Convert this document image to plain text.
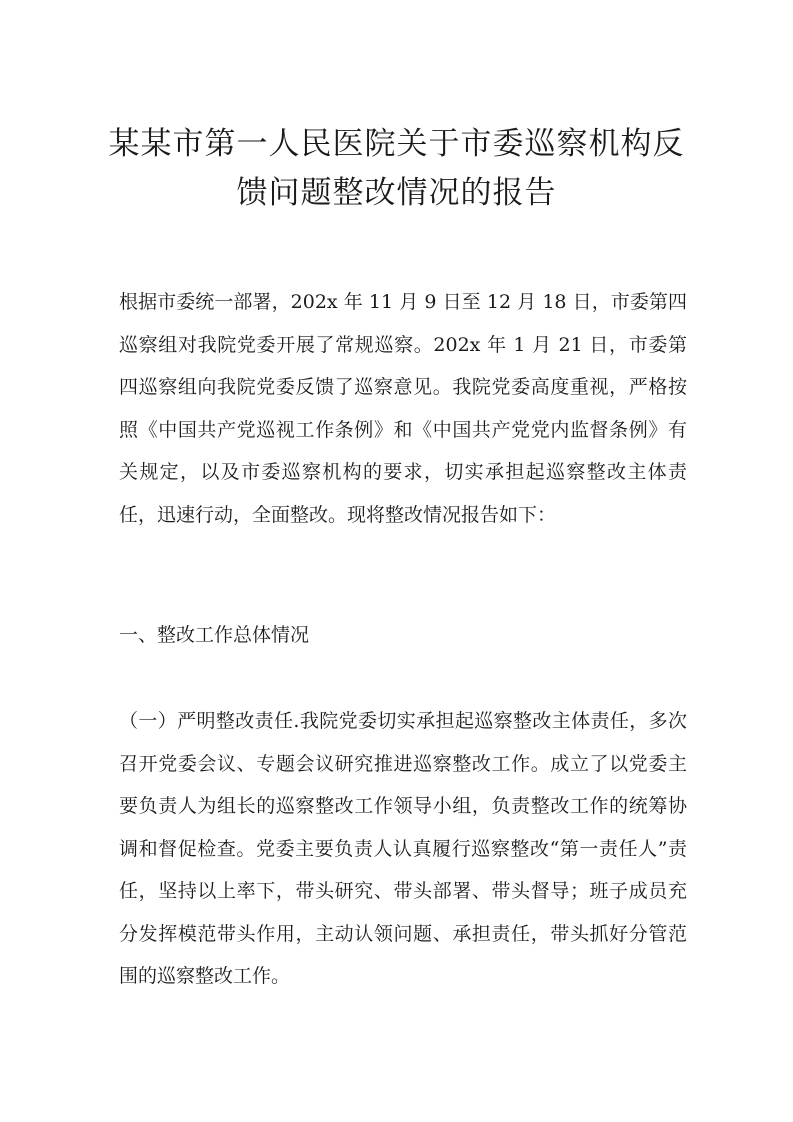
某某市第一人民医院关于市委巡察机构反
馈问题整改情况的报告

根据市委统一部署，202x 年 11 月 9 日至 12 月 18 日，市委第四巡察组对我院党委开展了常规巡察。202x 年 1 月 21 日，市委第四巡察组向我院党委反馈了巡察意见。我院党委高度重视，严格按照《中国共产党巡视工作条例》和《中国共产党党内监督条例》有关规定，以及市委巡察机构的要求，切实承担起巡察整改主体责任，迅速行动，全面整改。现将整改情况报告如下：

一、整改工作总体情况

（一）严明整改责任.我院党委切实承担起巡察整改主体责任，多次召开党委会议、专题会议研究推进巡察整改工作。成立了以党委主要负责人为组长的巡察整改工作领导小组，负责整改工作的统筹协调和督促检查。党委主要负责人认真履行巡察整改“第一责任人”责任，坚持以上率下，带头研究、带头部署、带头督导；班子成员充分发挥模范带头作用，主动认领问题、承担责任，带头抓好分管范围的巡察整改工作。
